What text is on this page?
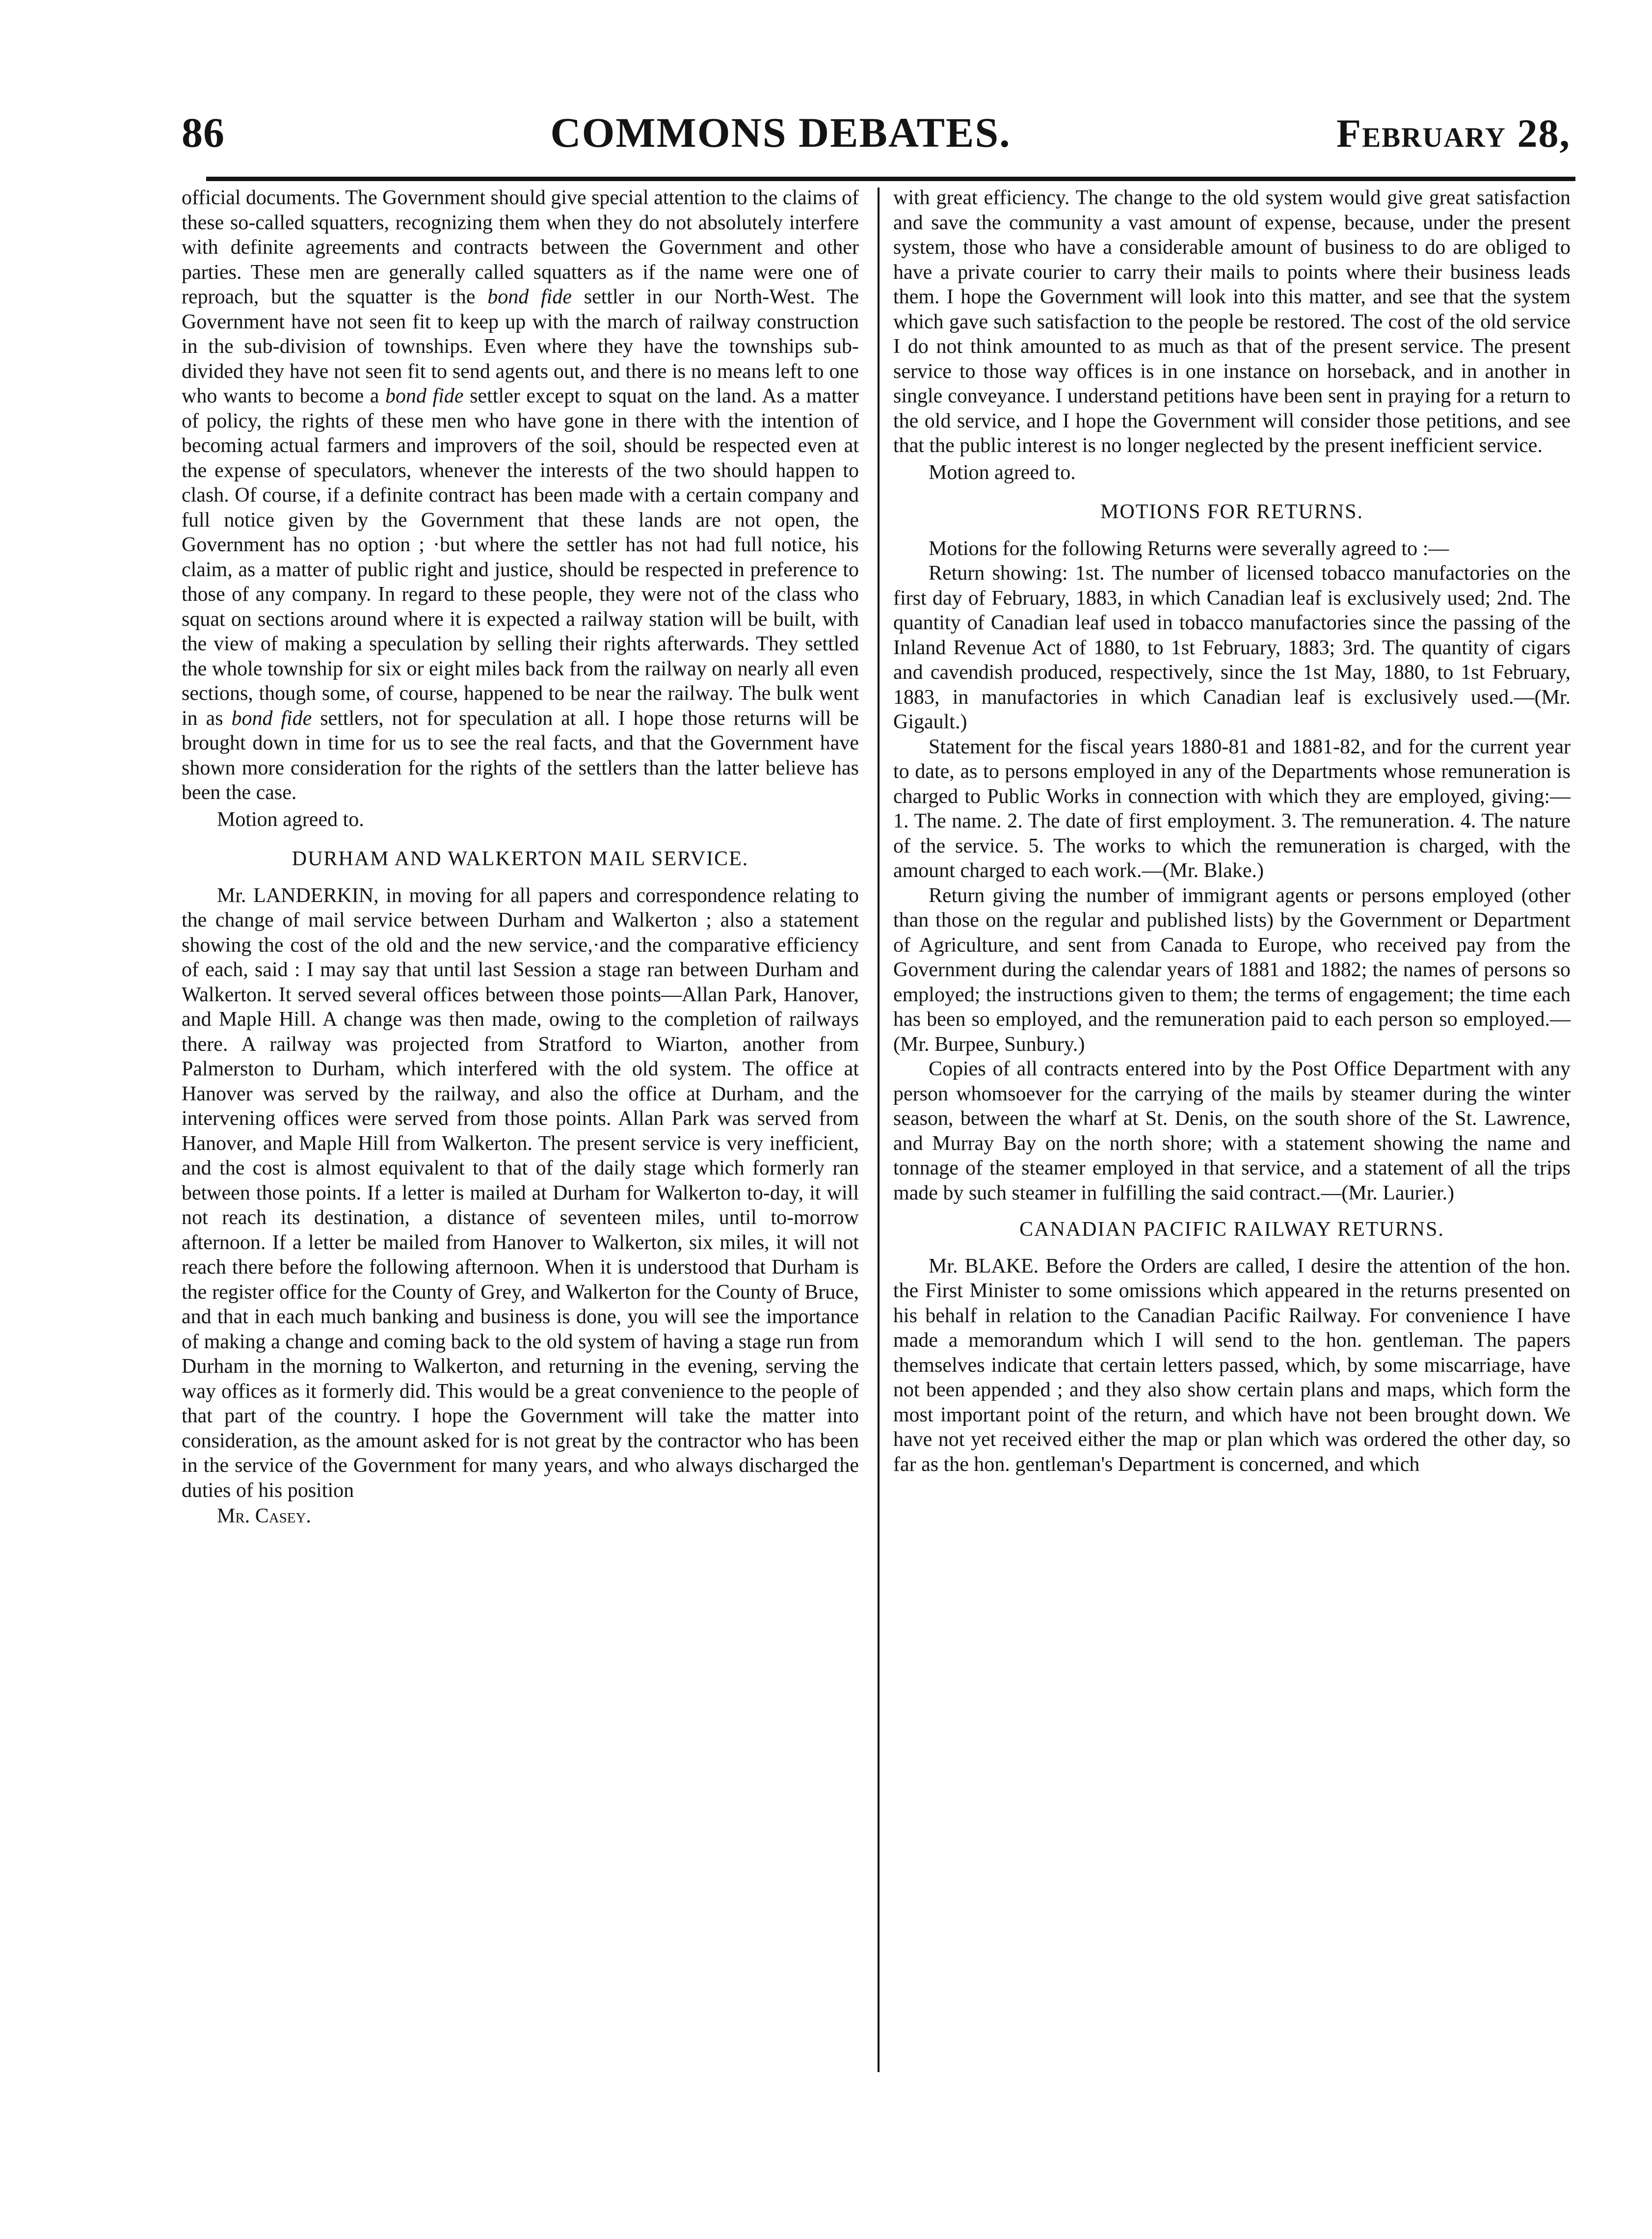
86	COMMONS DEBATES.	February 28,

official documents. The Government should give special attention to the claims of these so-called squatters, recognizing them when they do not absolutely interfere with definite agreements and contracts between the Government and other parties. These men are generally called squatters as if the name were one of reproach, but the squatter is the bond fide settler in our North-West. The Government have not seen fit to keep up with the march of railway construction in the sub-division of townships. Even where they have the townships sub-divided they have not seen fit to send agents out, and there is no means left to one who wants to become a bond fide settler except to squat on the land. As a matter of policy, the rights of these men who have gone in there with the intention of becoming actual farmers and improvers of the soil, should be respected even at the expense of speculators, whenever the interests of the two should happen to clash. Of course, if a definite contract has been made with a certain company and full notice given by the Government that these lands are not open, the Government has no option ; ·but where the settler has not had full notice, his claim, as a matter of public right and justice, should be respected in preference to those of any company. In regard to these people, they were not of the class who squat on sections around where it is expected a railway station will be built, with the view of making a speculation by selling their rights afterwards. They settled the whole township for six or eight miles back from the railway on nearly all even sections, though some, of course, happened to be near the railway. The bulk went in as bond fide settlers, not for speculation at all. I hope those returns will be brought down in time for us to see the real facts, and that the Government have shown more consideration for the rights of the settlers than the latter believe has been the case.

Motion agreed to.

DURHAM AND WALKERTON MAIL SERVICE.

Mr. LANDERKIN, in moving for all papers and correspondence relating to the change of mail service between Durham and Walkerton ; also a statement showing the cost of the old and the new service,·and the comparative efficiency of each, said : I may say that until last Session a stage ran between Durham and Walkerton. It served several offices between those points—Allan Park, Hanover, and Maple Hill. A change was then made, owing to the completion of railways there. A railway was projected from Stratford to Wiarton, another from Palmerston to Durham, which interfered with the old system. The office at Hanover was served by the railway, and also the office at Durham, and the intervening offices were served from those points. Allan Park was served from Hanover, and Maple Hill from Walkerton. The present service is very inefficient, and the cost is almost equivalent to that of the daily stage which formerly ran between those points. If a letter is mailed at Durham for Walkerton to-day, it will not reach its destination, a distance of seventeen miles, until to-morrow afternoon. If a letter be mailed from Hanover to Walkerton, six miles, it will not reach there before the following afternoon. When it is understood that Durham is the register office for the County of Grey, and Walkerton for the County of Bruce, and that in each much banking and business is done, you will see the importance of making a change and coming back to the old system of having a stage run from Durham in the morning to Walkerton, and returning in the evening, serving the way offices as it formerly did. This would be a great convenience to the people of that part of the country. I hope the Government will take the matter into consideration, as the amount asked for is not great by the contractor who has been in the service of the Government for many years, and who always discharged the duties of his position

Mr. Casey.

with great efficiency. The change to the old system would give great satisfaction and save the community a vast amount of expense, because, under the present system, those who have a considerable amount of business to do are obliged to have a private courier to carry their mails to points where their business leads them. I hope the Government will look into this matter, and see that the system which gave such satisfaction to the people be restored. The cost of the old service I do not think amounted to as much as that of the present service. The present service to those way offices is in one instance on horseback, and in another in single conveyance. I understand petitions have been sent in praying for a return to the old service, and I hope the Government will consider those petitions, and see that the public interest is no longer neglected by the present inefficient service.

Motion agreed to.

MOTIONS FOR RETURNS.

Motions for the following Returns were severally agreed to :—

Return showing: 1st. The number of licensed tobacco manufactories on the first day of February, 1883, in which Canadian leaf is exclusively used; 2nd. The quantity of Canadian leaf used in tobacco manufactories since the passing of the Inland Revenue Act of 1880, to 1st February, 1883; 3rd. The quantity of cigars and cavendish produced, respectively, since the 1st May, 1880, to 1st February, 1883, in manufactories in which Canadian leaf is exclusively used.—(Mr. Gigault.)

Statement for the fiscal years 1880-81 and 1881-82, and for the current year to date, as to persons employed in any of the Departments whose remuneration is charged to Public Works in connection with which they are employed, giving:—1. The name. 2. The date of first employment. 3. The remuneration. 4. The nature of the service. 5. The works to which the remuneration is charged, with the amount charged to each work.—(Mr. Blake.)

Return giving the number of immigrant agents or persons employed (other than those on the regular and published lists) by the Government or Department of Agriculture, and sent from Canada to Europe, who received pay from the Government during the calendar years of 1881 and 1882; the names of persons so employed; the instructions given to them; the terms of engagement; the time each has been so employed, and the remuneration paid to each person so employed.—(Mr. Burpee, Sunbury.)

Copies of all contracts entered into by the Post Office Department with any person whomsoever for the carrying of the mails by steamer during the winter season, between the wharf at St. Denis, on the south shore of the St. Lawrence, and Murray Bay on the north shore; with a statement showing the name and tonnage of the steamer employed in that service, and a statement of all the trips made by such steamer in fulfilling the said contract.—(Mr. Laurier.)

CANADIAN PACIFIC RAILWAY RETURNS.

Mr. BLAKE. Before the Orders are called, I desire the attention of the hon. the First Minister to some omissions which appeared in the returns presented on his behalf in relation to the Canadian Pacific Railway. For convenience I have made a memorandum which I will send to the hon. gentleman. The papers themselves indicate that certain letters passed, which, by some miscarriage, have not been appended ; and they also show certain plans and maps, which form the most important point of the return, and which have not been brought down. We have not yet received either the map or plan which was ordered the other day, so far as the hon. gentleman's Department is concerned, and which
